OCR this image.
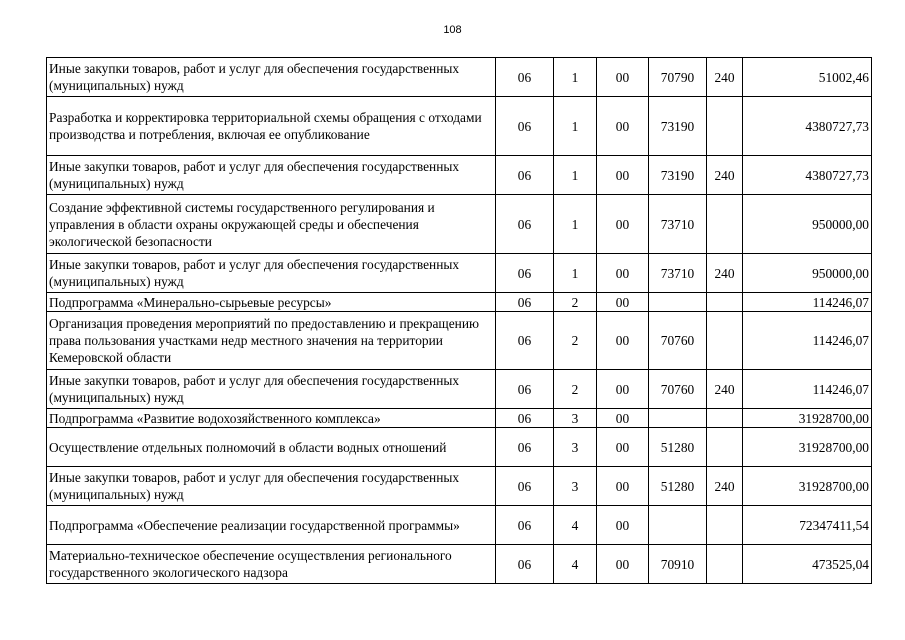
108
Иные закупки товаров, работ и услуг для обеспечения государственных (муниципальных) нужд	06	1	00	70790	240	51002,46
Разработка и корректировка территориальной схемы обращения с отходами производства и потребления, включая ее опубликование	06	1	00	73190		4380727,73
Иные закупки товаров, работ и услуг для обеспечения государственных (муниципальных) нужд	06	1	00	73190	240	4380727,73
Создание эффективной системы государственного регулирования и управления в области охраны окружающей среды и обеспечения экологической безопасности	06	1	00	73710		950000,00
Иные закупки товаров, работ и услуг для обеспечения государственных (муниципальных) нужд	06	1	00	73710	240	950000,00
Подпрограмма «Минерально-сырьевые ресурсы»	06	2	00			114246,07
Организация проведения мероприятий по предоставлению и прекращению права пользования участками недр местного значения на территории Кемеровской области	06	2	00	70760		114246,07
Иные закупки товаров, работ и услуг для обеспечения государственных (муниципальных) нужд	06	2	00	70760	240	114246,07
Подпрограмма «Развитие водохозяйственного комплекса»	06	3	00			31928700,00
Осуществление отдельных полномочий в области водных отношений	06	3	00	51280		31928700,00
Иные закупки товаров, работ и услуг для обеспечения государственных (муниципальных) нужд	06	3	00	51280	240	31928700,00
Подпрограмма «Обеспечение реализации государственной программы»	06	4	00			72347411,54
Материально-техническое обеспечение осуществления регионального государственного экологического надзора	06	4	00	70910		473525,04
